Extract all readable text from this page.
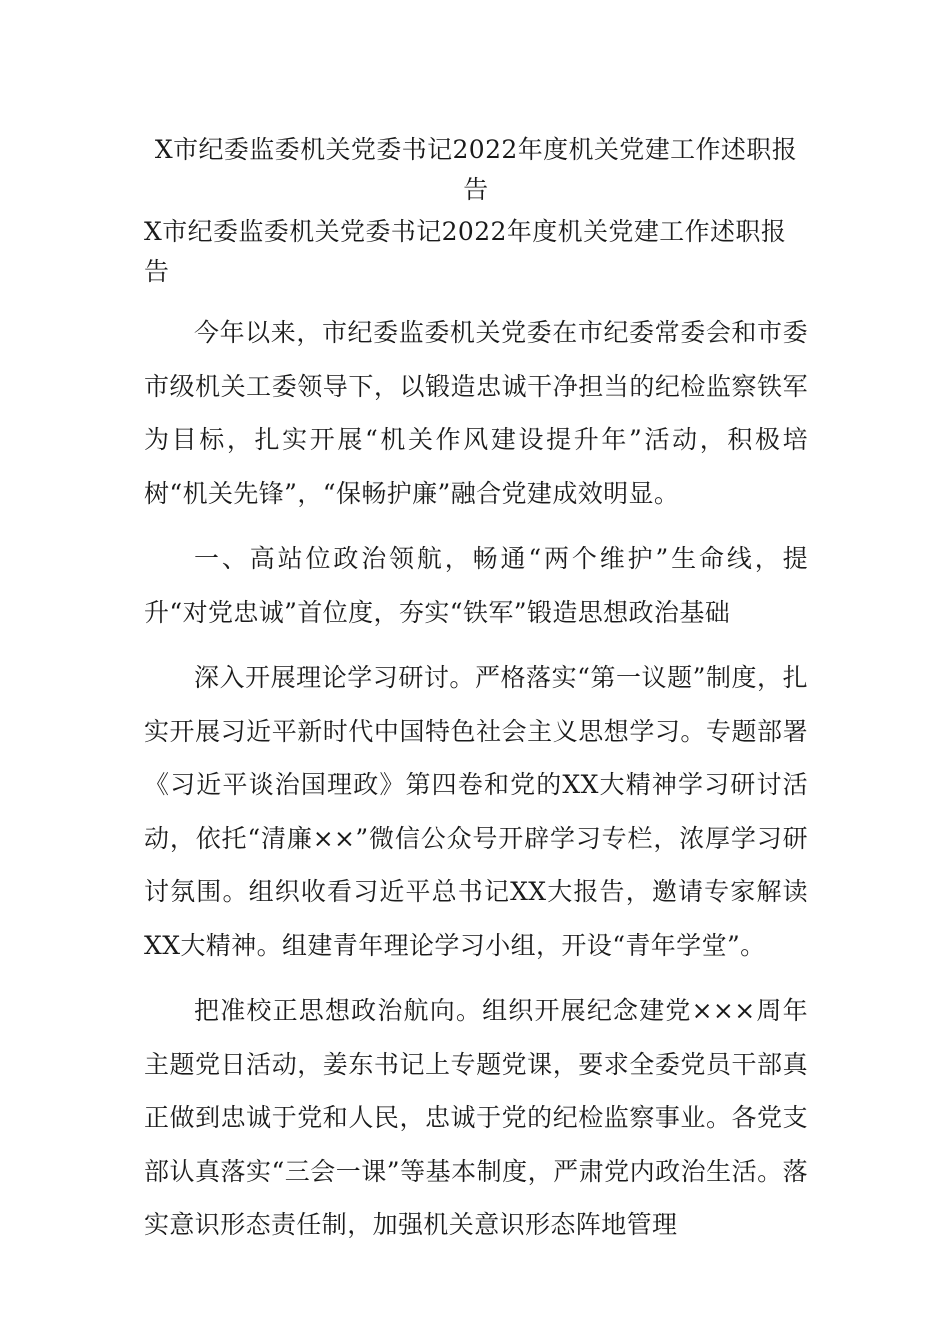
X市纪委监委机关党委书记2022年度机关党建工作述职报告
X市纪委监委机关党委书记2022年度机关党建工作述职报告

今年以来，市纪委监委机关党委在市纪委常委会和市委市级机关工委领导下，以锻造忠诚干净担当的纪检监察铁军为目标，扎实开展“机关作风建设提升年”活动，积极培树“机关先锋”，“保畅护廉”融合党建成效明显。

一、高站位政治领航，畅通“两个维护”生命线，提升“对党忠诚”首位度，夯实“铁军”锻造思想政治基础

深入开展理论学习研讨。严格落实“第一议题”制度，扎实开展习近平新时代中国特色社会主义思想学习。专题部署《习近平谈治国理政》第四卷和党的XX大精神学习研讨活动，依托“清廉××”微信公众号开辟学习专栏，浓厚学习研讨氛围。组织收看习近平总书记XX大报告，邀请专家解读XX大精神。组建青年理论学习小组，开设“青年学堂”。

把准校正思想政治航向。组织开展纪念建党×××周年主题党日活动，姜东书记上专题党课，要求全委党员干部真正做到忠诚于党和人民，忠诚于党的纪检监察事业。各党支部认真落实“三会一课”等基本制度，严肃党内政治生活。落实意识形态责任制，加强机关意识形态阵地管理
